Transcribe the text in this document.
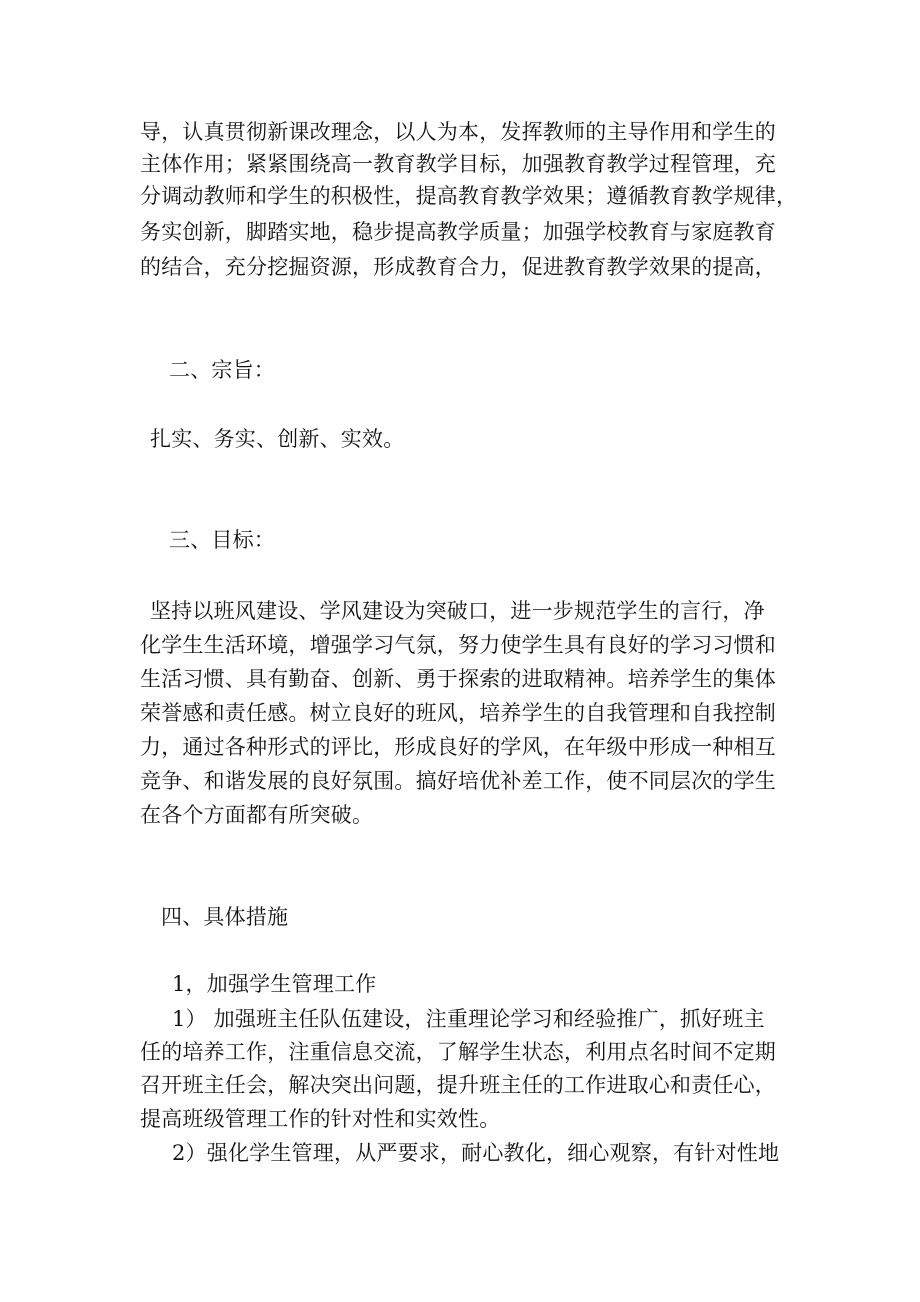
导，认真贯彻新课改理念，以人为本，发挥教师的主导作用和学生的
主体作用；紧紧围绕高一教育教学目标，加强教育教学过程管理，充
分调动教师和学生的积极性，提高教育教学效果；遵循教育教学规律，
务实创新，脚踏实地，稳步提高教学质量；加强学校教育与家庭教育
的结合，充分挖掘资源，形成教育合力，促进教育教学效果的提高，
二、宗旨：
扎实、务实、创新、实效。
三、目标：
坚持以班风建设、学风建设为突破口，进一步规范学生的言行，净
化学生生活环境，增强学习气氛，努力使学生具有良好的学习习惯和
生活习惯、具有勤奋、创新、勇于探索的进取精神。培养学生的集体
荣誉感和责任感。树立良好的班风，培养学生的自我管理和自我控制
力，通过各种形式的评比，形成良好的学风，在年级中形成一种相互
竞争、和谐发展的良好氛围。搞好培优补差工作，使不同层次的学生
在各个方面都有所突破。
四、具体措施
1，加强学生管理工作
1） 加强班主任队伍建设，注重理论学习和经验推广，抓好班主
任的培养工作，注重信息交流，了解学生状态，利用点名时间不定期
召开班主任会，解决突出问题，提升班主任的工作进取心和责任心，
提高班级管理工作的针对性和实效性。
2）强化学生管理，从严要求，耐心教化，细心观察，有针对性地
